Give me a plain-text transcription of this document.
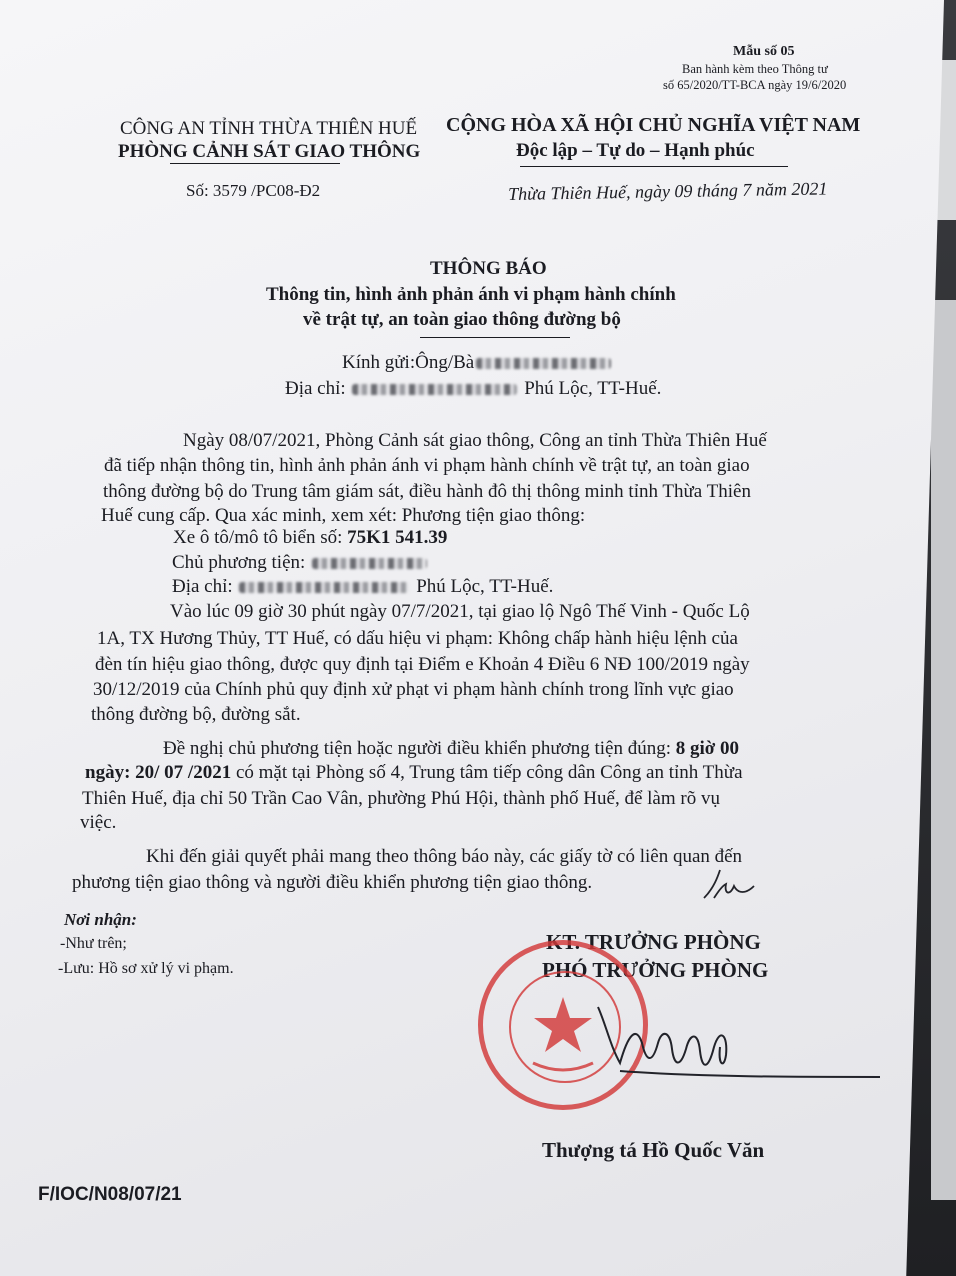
Mẫu số 05
Ban hành kèm theo Thông tư
số 65/2020/TT-BCA ngày 19/6/2020
CÔNG AN TỈNH THỪA THIÊN HUẾ
PHÒNG CẢNH SÁT GIAO THÔNG
CỘNG HÒA XÃ HỘI CHỦ NGHĨA VIỆT NAM
Độc lập – Tự do – Hạnh phúc
Số: 3579 /PC08-Đ2	Thừa Thiên Huế, ngày 09 tháng 7 năm 2021
THÔNG BÁO
Thông tin, hình ảnh phản ánh vi phạm hành chính
về trật tự, an toàn giao thông đường bộ
Kính gửi:Ông/Bà
Địa chỉ:	Phú Lộc, TT-Huế.
Ngày 08/07/2021, Phòng Cảnh sát giao thông, Công an tỉnh Thừa Thiên Huế
đã tiếp nhận thông tin, hình ảnh phản ánh vi phạm hành chính về trật tự, an toàn giao
thông đường bộ do Trung tâm giám sát, điều hành đô thị thông minh tỉnh Thừa Thiên
Huế cung cấp. Qua xác minh, xem xét: Phương tiện giao thông:
Xe ô tô/mô tô biển số: 75K1 541.39
Chủ phương tiện:
Địa chỉ:	Phú Lộc, TT-Huế.
Vào lúc 09 giờ 30 phút ngày 07/7/2021, tại giao lộ Ngô Thế Vinh - Quốc Lộ
1A, TX Hương Thủy, TT Huế, có dấu hiệu vi phạm: Không chấp hành hiệu lệnh của
đèn tín hiệu giao thông, được quy định tại Điểm e Khoản 4 Điều 6 NĐ 100/2019 ngày
30/12/2019 của Chính phủ quy định xử phạt vi phạm hành chính trong lĩnh vực giao
thông đường bộ, đường sắt.
Đề nghị chủ phương tiện hoặc người điều khiển phương tiện đúng: 8 giờ 00
ngày: 20/ 07 /2021 có mặt tại Phòng số 4, Trung tâm tiếp công dân Công an tỉnh Thừa
Thiên Huế, địa chỉ 50 Trần Cao Vân, phường Phú Hội, thành phố Huế, để làm rõ vụ
việc.
Khi đến giải quyết phải mang theo thông báo này, các giấy tờ có liên quan đến
phương tiện giao thông và người điều khiển phương tiện giao thông.
Nơi nhận:
-Như trên;
-Lưu: Hồ sơ xử lý vi phạm.
KT. TRƯỞNG PHÒNG
PHÓ TRƯỞNG PHÒNG
Thượng tá Hồ Quốc Văn
F/IOC/N08/07/21
